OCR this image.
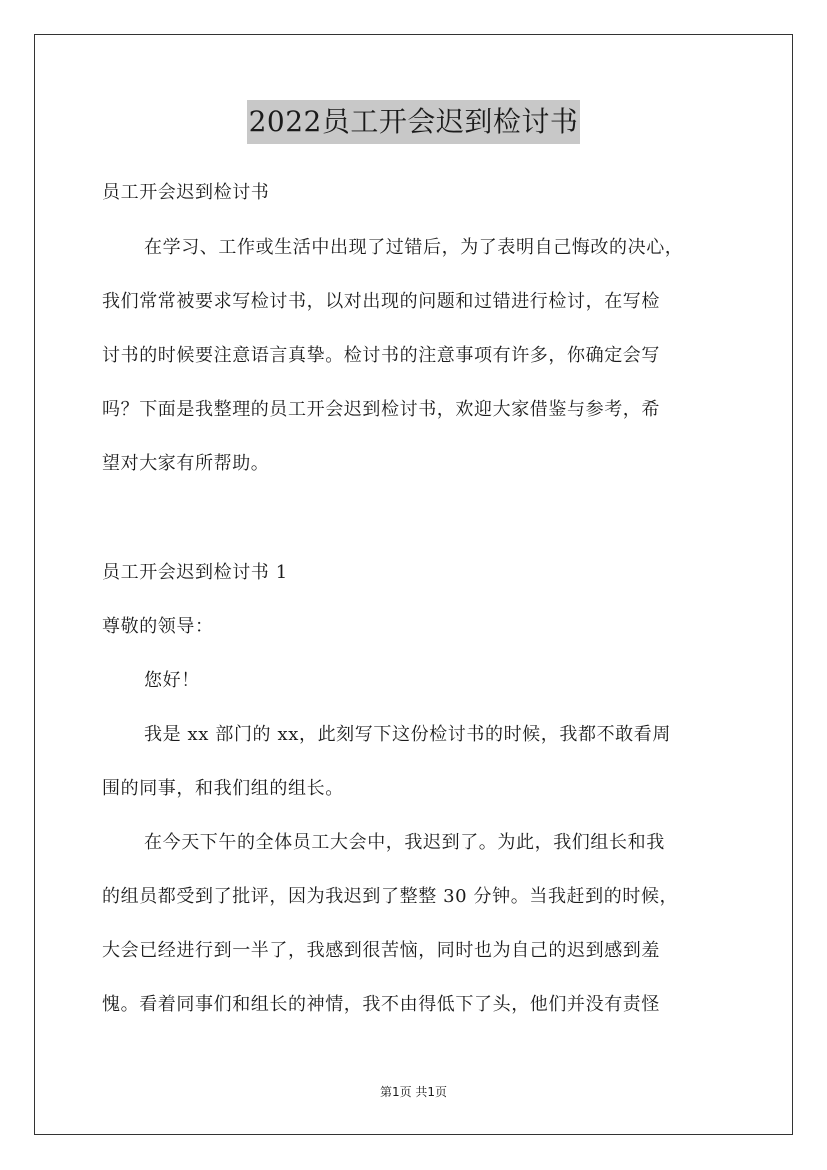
2022员工开会迟到检讨书
员工开会迟到检讨书
在学习、工作或生活中出现了过错后，为了表明自己悔改的决心，
我们常常被要求写检讨书，以对出现的问题和过错进行检讨，在写检
讨书的时候要注意语言真挚。检讨书的注意事项有许多，你确定会写
吗？下面是我整理的员工开会迟到检讨书，欢迎大家借鉴与参考，希
望对大家有所帮助。
员工开会迟到检讨书 1
尊敬的领导：
您好！
我是 xx 部门的 xx，此刻写下这份检讨书的时候，我都不敢看周
围的同事，和我们组的组长。
在今天下午的全体员工大会中，我迟到了。为此，我们组长和我
的组员都受到了批评，因为我迟到了整整 30 分钟。当我赶到的时候，
大会已经进行到一半了，我感到很苦恼，同时也为自己的迟到感到羞
愧。看着同事们和组长的神情，我不由得低下了头，他们并没有责怪
第1页 共1页
